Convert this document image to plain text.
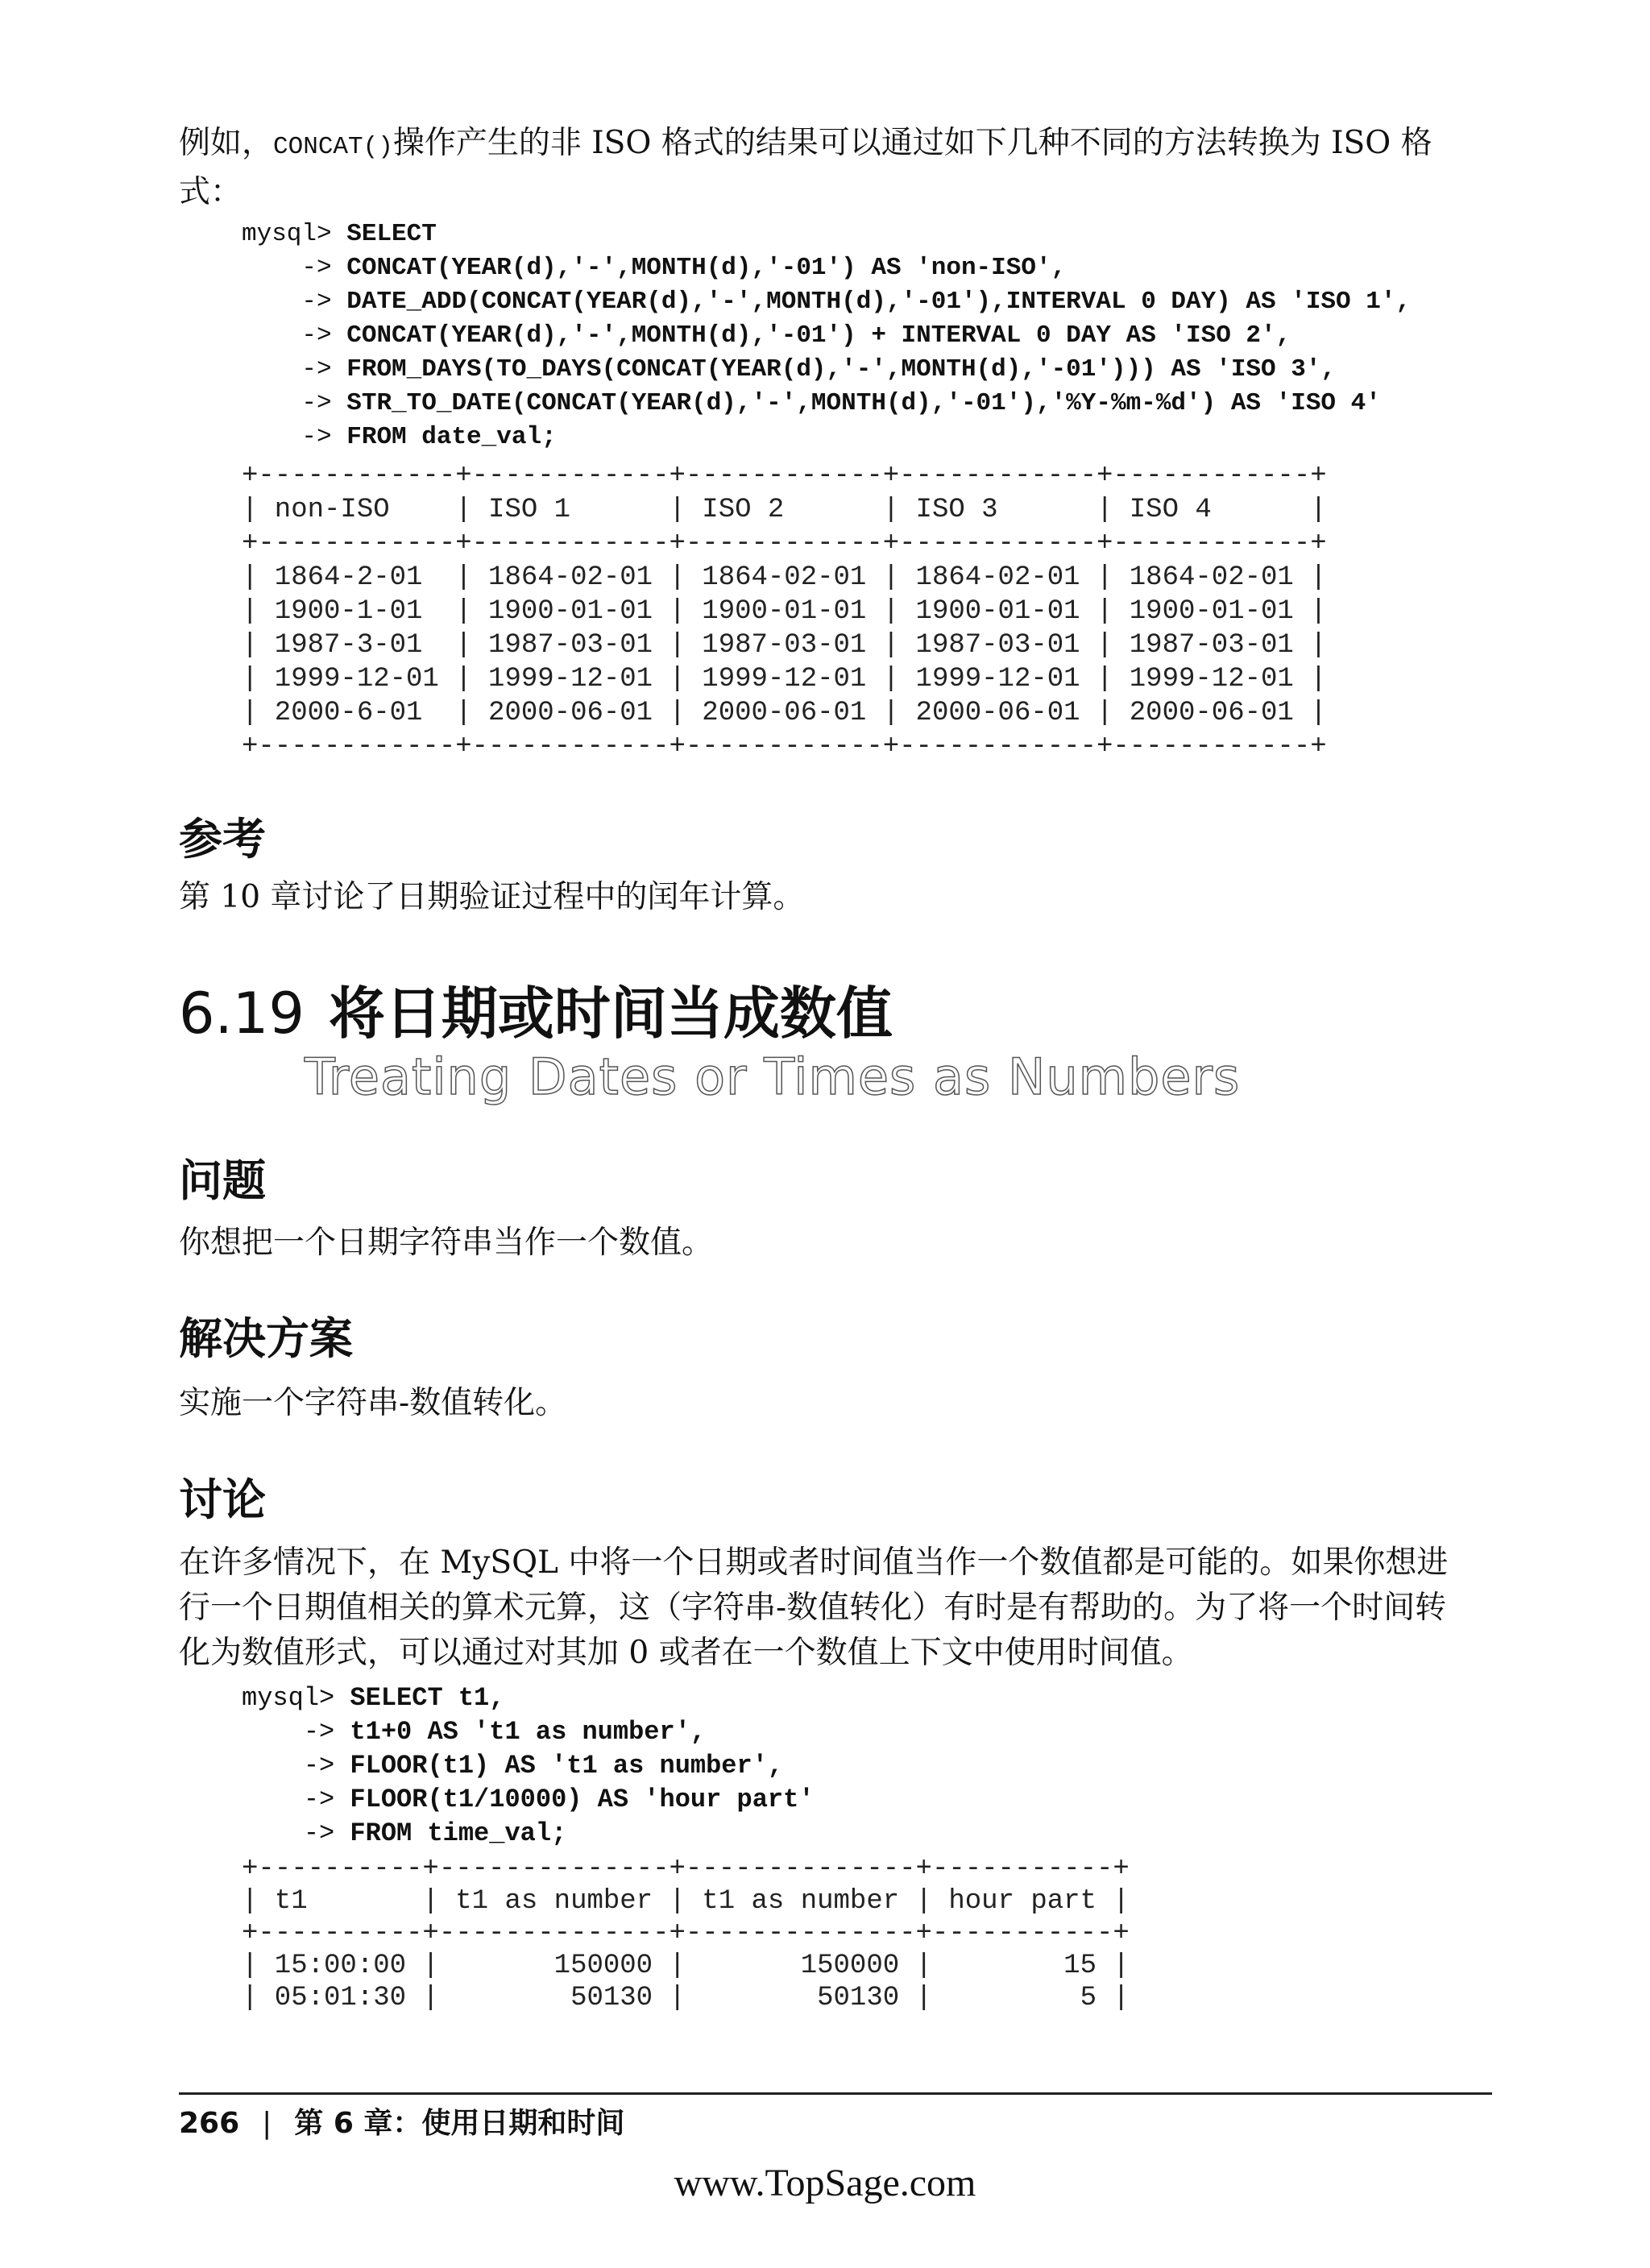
例如，CONCAT()操作产生的非 ISO 格式的结果可以通过如下几种不同的方法转换为 ISO 格式：

mysql> SELECT
-> CONCAT(YEAR(d),'-',MONTH(d),'-01') AS 'non-ISO',
-> DATE_ADD(CONCAT(YEAR(d),'-',MONTH(d),'-01'),INTERVAL 0 DAY) AS 'ISO 1',
-> CONCAT(YEAR(d),'-',MONTH(d),'-01') + INTERVAL 0 DAY AS 'ISO 2',
-> FROM_DAYS(TO_DAYS(CONCAT(YEAR(d),'-',MONTH(d),'-01'))) AS 'ISO 3',
-> STR_TO_DATE(CONCAT(YEAR(d),'-',MONTH(d),'-01'),'%Y-%m-%d') AS 'ISO 4'
-> FROM date_val;
+------------+------------+------------+------------+------------+
| non-ISO    | ISO 1      | ISO 2      | ISO 3      | ISO 4      |
+------------+------------+------------+------------+------------+
| 1864-2-01  | 1864-02-01 | 1864-02-01 | 1864-02-01 | 1864-02-01 |
| 1900-1-01  | 1900-01-01 | 1900-01-01 | 1900-01-01 | 1900-01-01 |
| 1987-3-01  | 1987-03-01 | 1987-03-01 | 1987-03-01 | 1987-03-01 |
| 1999-12-01 | 1999-12-01 | 1999-12-01 | 1999-12-01 | 1999-12-01 |
| 2000-6-01  | 2000-06-01 | 2000-06-01 | 2000-06-01 | 2000-06-01 |
+------------+------------+------------+------------+------------+
参考

第 10 章讨论了日期验证过程中的闰年计算。

6.19 将日期或时间当成数值
Treating Dates or Times as Numbers
问题

你想把一个日期字符串当作一个数值。

解决方案

实施一个字符串-数值转化。

讨论

在许多情况下，在 MySQL 中将一个日期或者时间值当作一个数值都是可能的。如果你想进行一个日期值相关的算术元算，这（字符串-数值转化）有时是有帮助的。为了将一个时间转化为数值形式，可以通过对其加 0 或者在一个数值上下文中使用时间值。

mysql> SELECT t1,
-> t1+0 AS 't1 as number',
-> FLOOR(t1) AS 't1 as number',
-> FLOOR(t1/10000) AS 'hour part'
-> FROM time_val;
+----------+--------------+--------------+-----------+
| t1       | t1 as number | t1 as number | hour part |
+----------+--------------+--------------+-----------+
| 15:00:00 |       150000 |       150000 |        15 |
| 05:01:30 |        50130 |        50130 |         5 |
266 | 第 6 章：使用日期和时间
www.TopSage.com
